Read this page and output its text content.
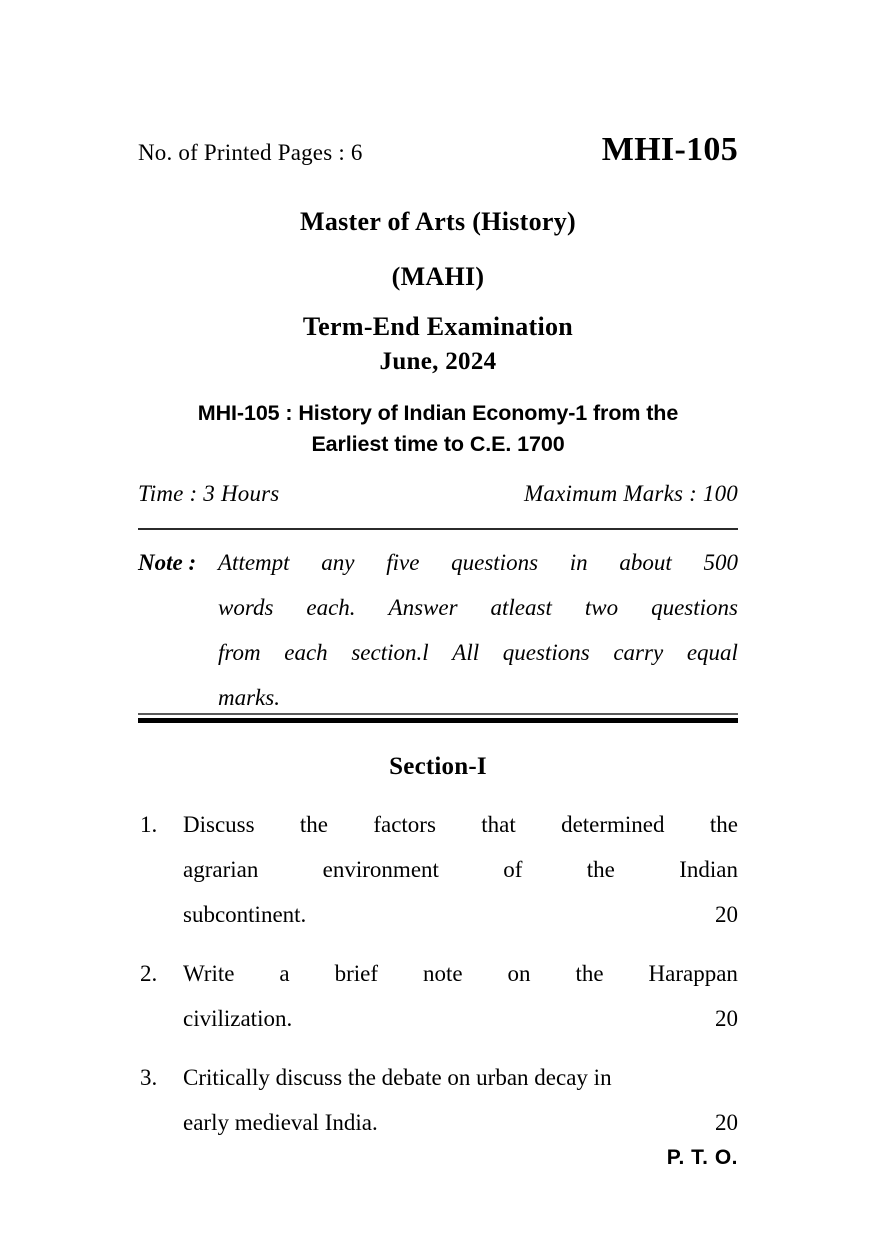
No. of Printed Pages : 6	MHI-105
Master of Arts (History)
(MAHI)
Term-End Examination
June, 2024
MHI-105 : History of Indian Economy-1 from the
Earliest time to C.E. 1700
Time : 3 Hours	Maximum Marks : 100
Note : Attempt any five questions in about 500
words each. Answer atleast two questions
from each section.l All questions carry equal
marks.
Section-I
1. Discuss the factors that determined the
agrarian	environment	of	the	Indian
subcontinent.	20
2. Write a brief note on the Harappan
civilization.	20
3. Critically discuss the debate on urban decay in
early medieval India.	20
P. T. O.
